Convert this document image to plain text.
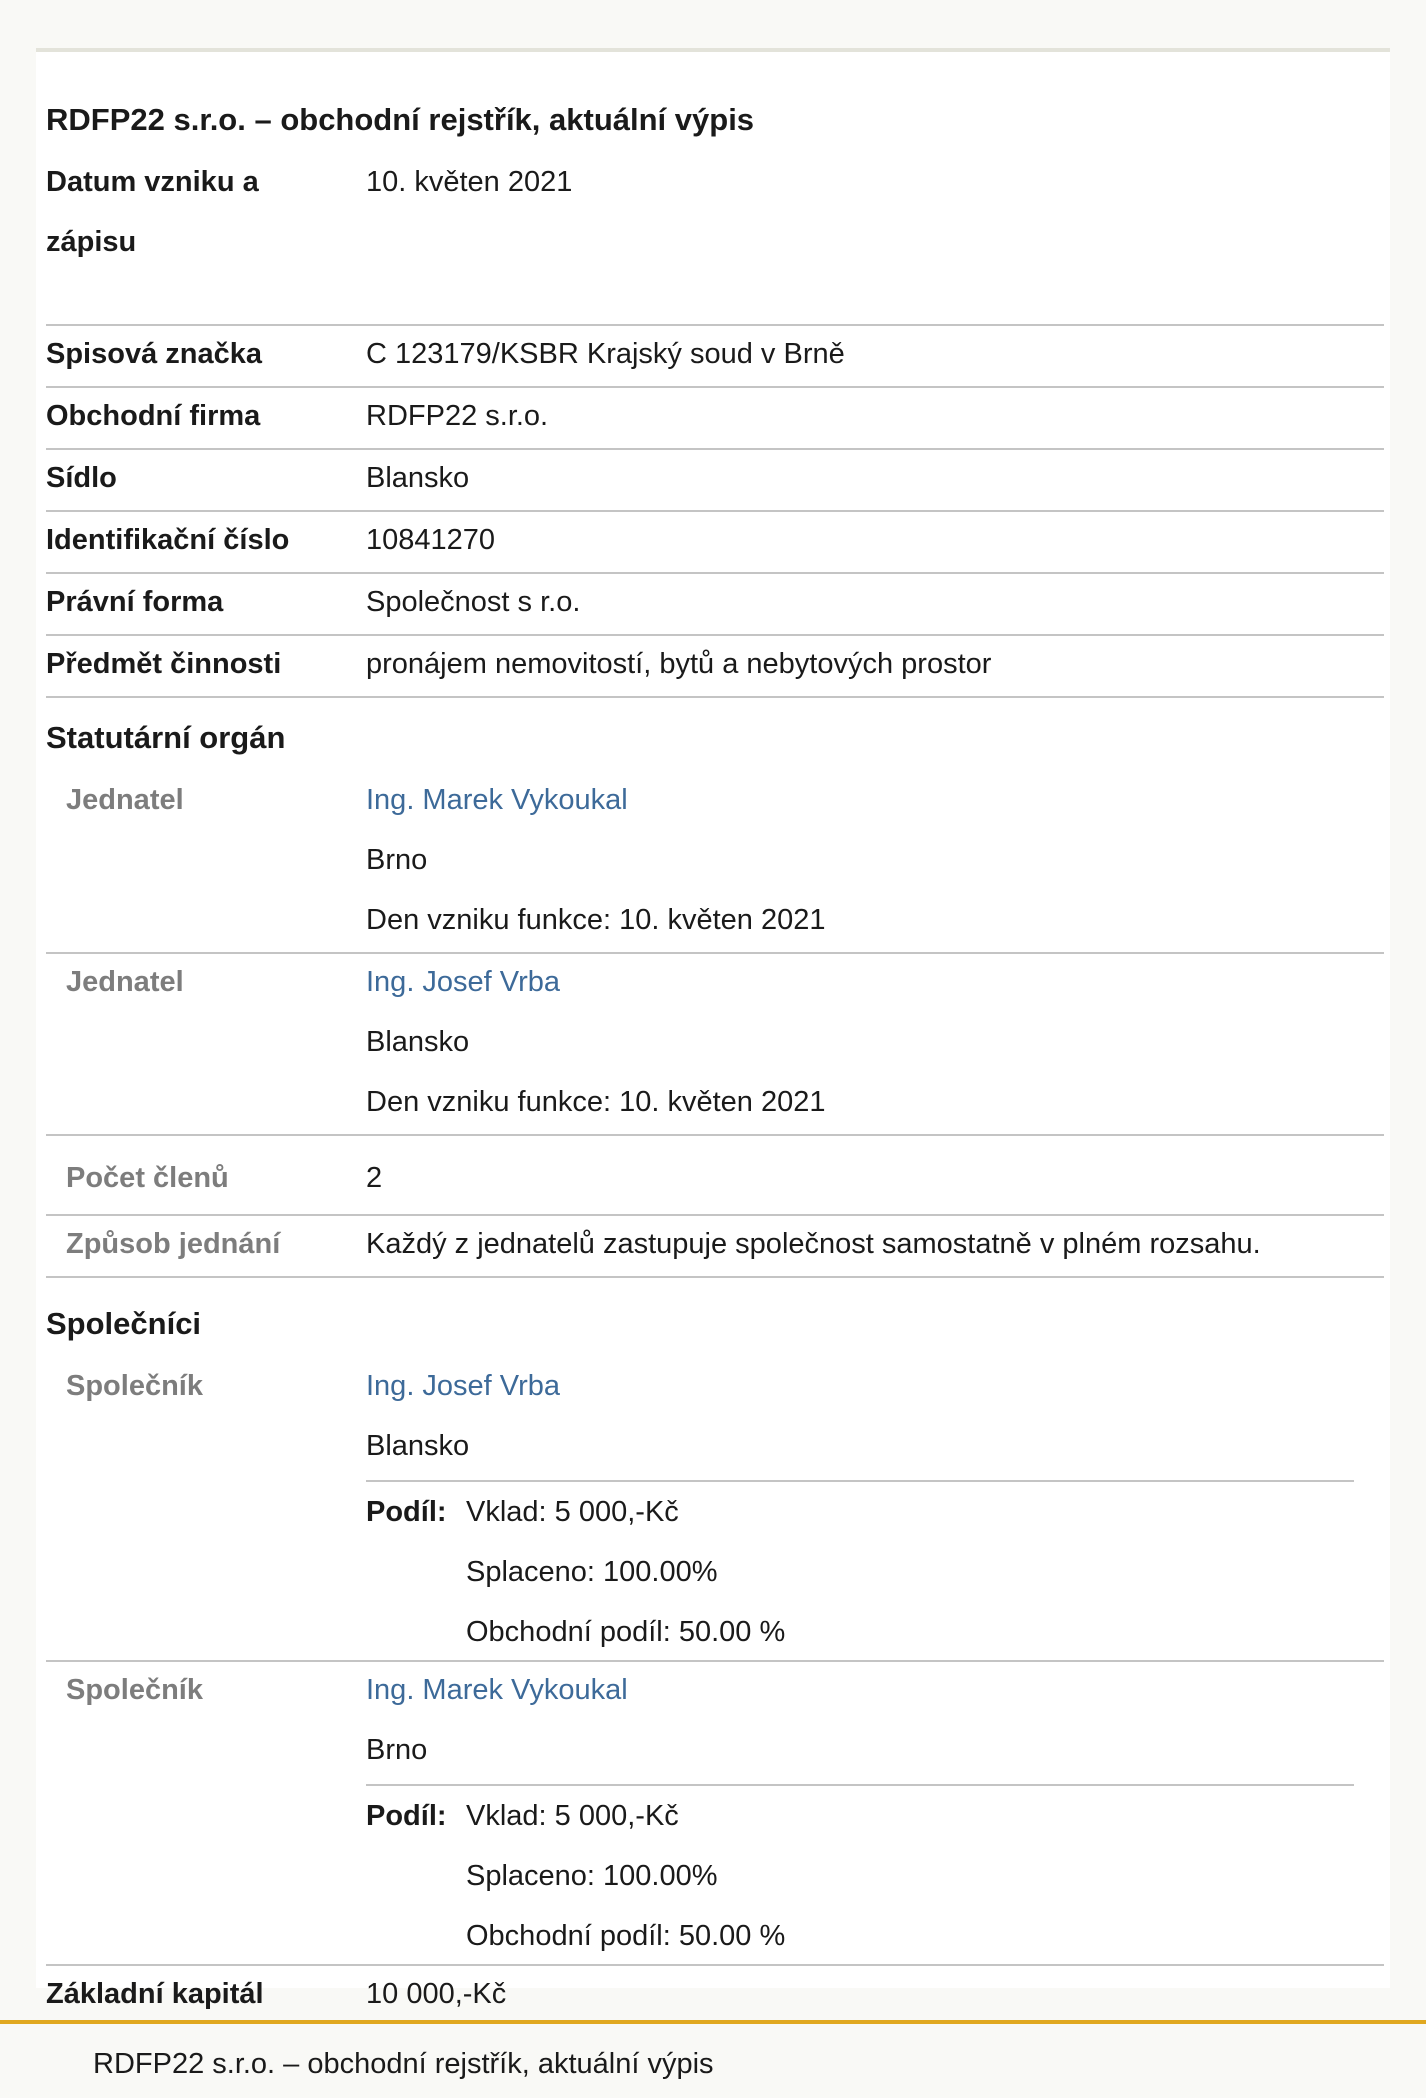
RDFP22 s.r.o. – obchodní rejstřík, aktuální výpis
Datum vzniku a zápisu
10. květen 2021
Spisová značka	C 123179/KSBR Krajský soud v Brně
Obchodní firma	RDFP22 s.r.o.
Sídlo	Blansko
Identifikační číslo	10841270
Právní forma	Společnost s r.o.
Předmět činnosti	pronájem nemovitostí, bytů a nebytových prostor
Statutární orgán
Jednatel	Ing. Marek Vykoukal
Brno
Den vzniku funkce: 10. květen 2021
Jednatel	Ing. Josef Vrba
Blansko
Den vzniku funkce: 10. květen 2021
Počet členů	2
Způsob jednání	Každý z jednatelů zastupuje společnost samostatně v plném rozsahu.
Společníci
Společník	Ing. Josef Vrba
Blansko
Podíl: Vklad: 5 000,-Kč
Splaceno: 100.00%
Obchodní podíl: 50.00 %
Společník	Ing. Marek Vykoukal
Brno
Podíl: Vklad: 5 000,-Kč
Splaceno: 100.00%
Obchodní podíl: 50.00 %
Základní kapitál	10 000,-Kč
RDFP22 s.r.o. – obchodní rejstřík, aktuální výpis
